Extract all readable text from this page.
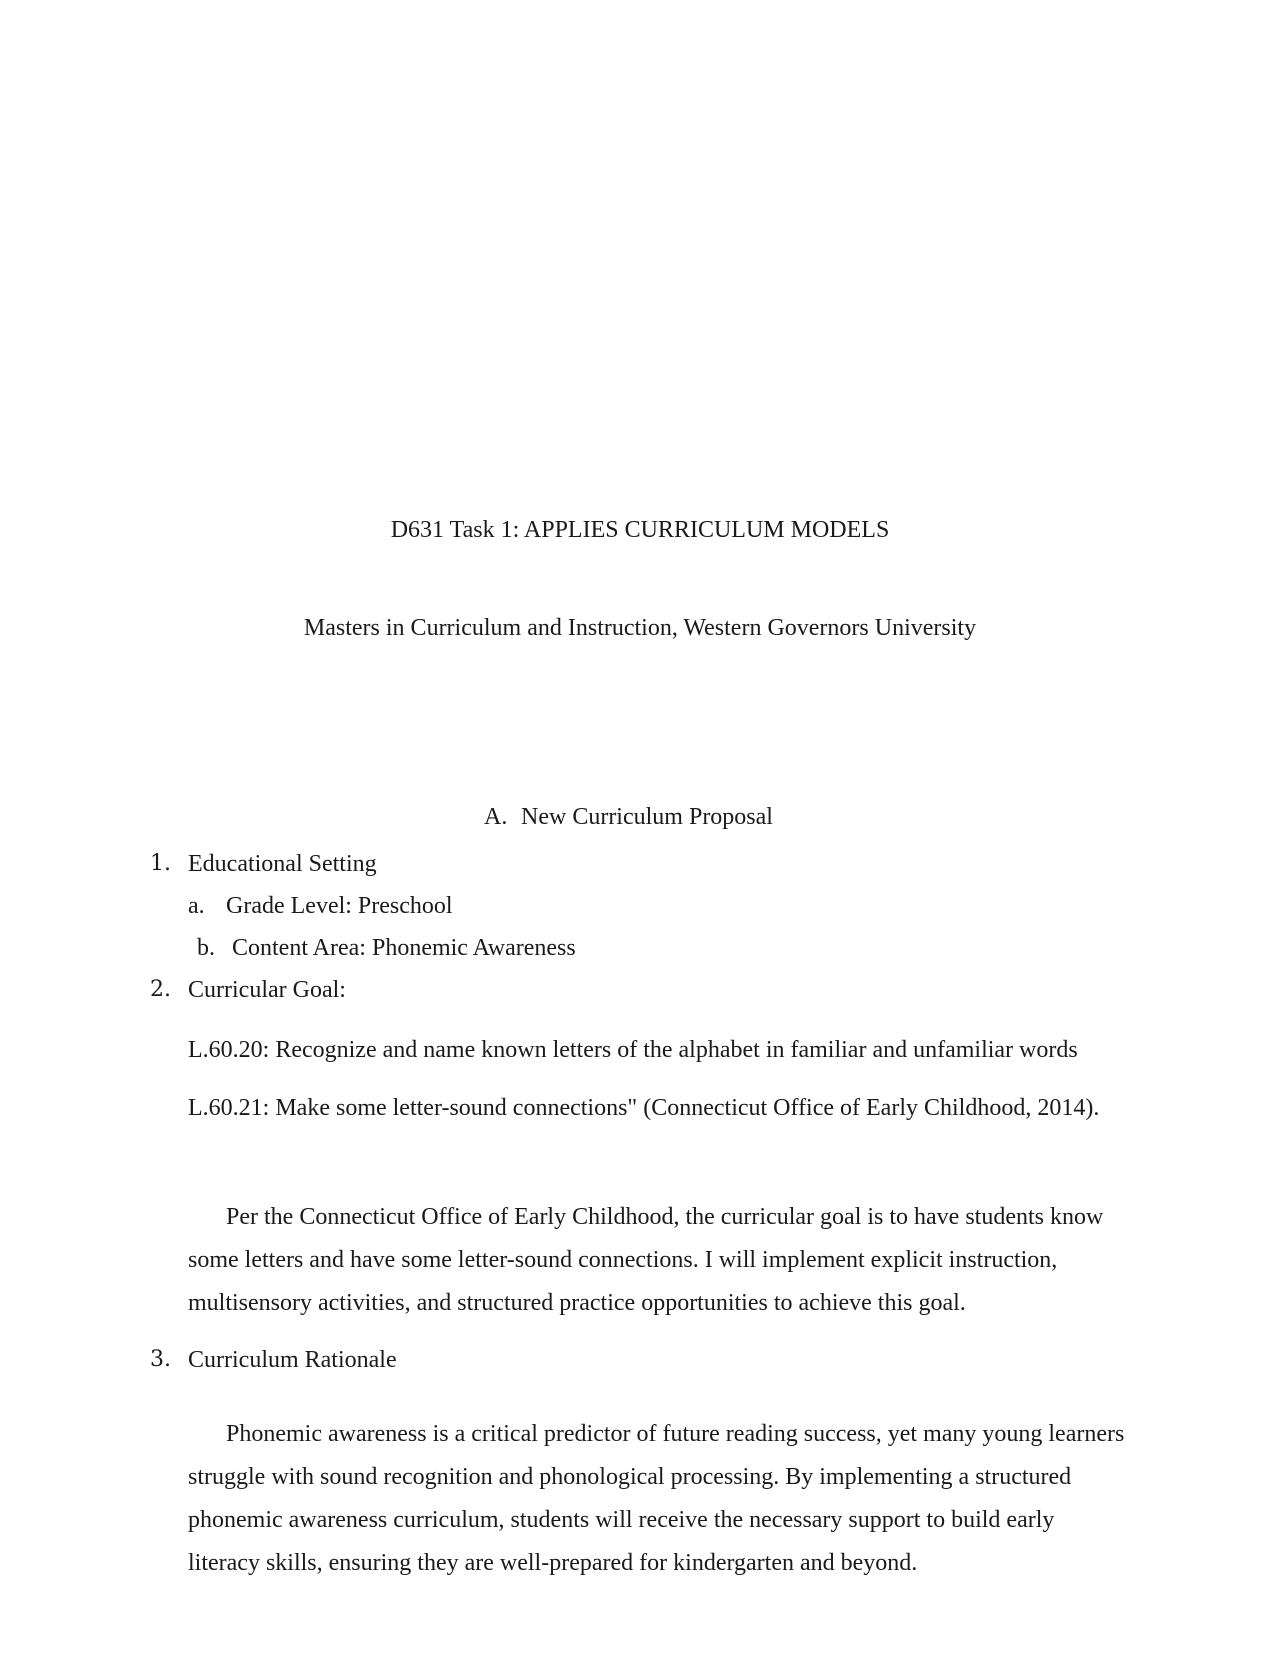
D631 Task 1: APPLIES CURRICULUM MODELS
Masters in Curriculum and Instruction, Western Governors University
A. New Curriculum Proposal
1. Educational Setting
a. Grade Level: Preschool
b. Content Area: Phonemic Awareness
2. Curricular Goal:
L.60.20: Recognize and name known letters of the alphabet in familiar and unfamiliar words
L.60.21: Make some letter-sound connections" (Connecticut Office of Early Childhood, 2014).
Per the Connecticut Office of Early Childhood, the curricular goal is to have students know some letters and have some letter-sound connections. I will implement explicit instruction, multisensory activities, and structured practice opportunities to achieve this goal.
3. Curriculum Rationale
Phonemic awareness is a critical predictor of future reading success, yet many young learners struggle with sound recognition and phonological processing. By implementing a structured phonemic awareness curriculum, students will receive the necessary support to build early literacy skills, ensuring they are well-prepared for kindergarten and beyond.
